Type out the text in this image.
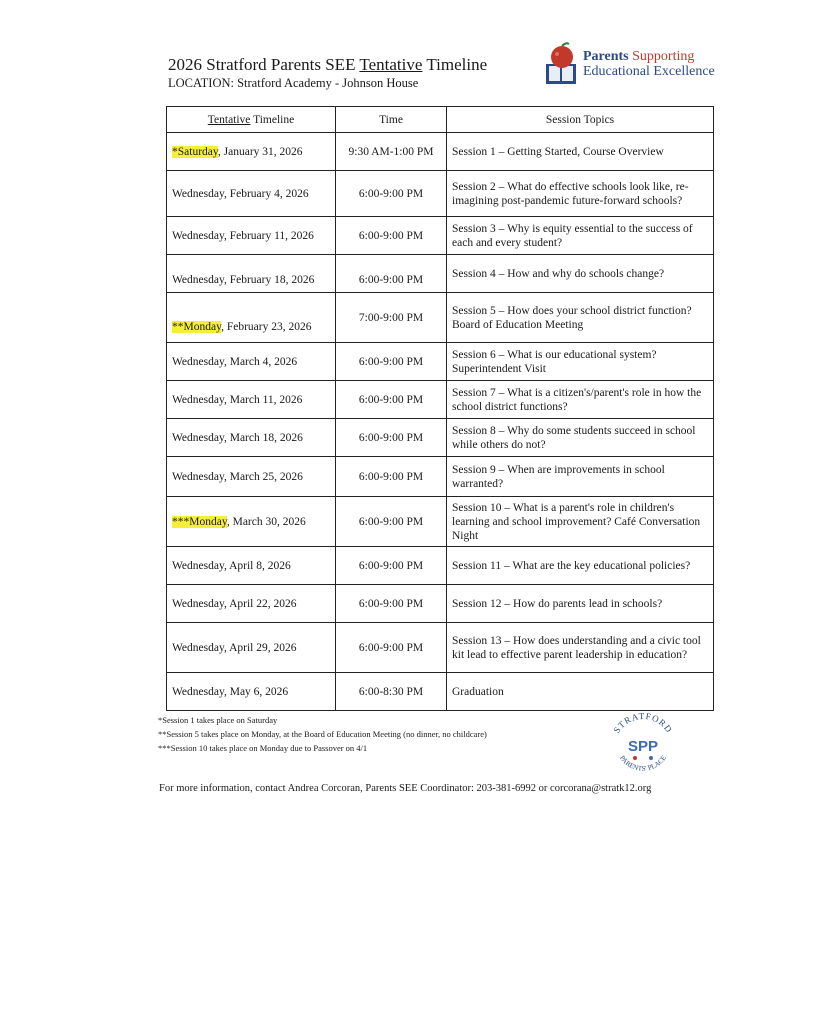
2026 Stratford Parents SEE Tentative Timeline
LOCATION: Stratford Academy - Johnson House
Parents Supporting
Educational Excellence
Tentative Timeline	Time	Session Topics
*Saturday, January 31, 2026	9:30 AM-1:00 PM	Session 1 – Getting Started, Course Overview
Wednesday, February 4, 2026	6:00-9:00 PM	Session 2 – What do effective schools look like, re-imagining post-pandemic future-forward schools?
Wednesday, February 11, 2026	6:00-9:00 PM	Session 3 – Why is equity essential to the success of each and every student?
Wednesday, February 18, 2026	6:00-9:00 PM	Session 4 – How and why do schools change?
**Monday, February 23, 2026	7:00-9:00 PM	Session 5 – How does your school district function?
Board of Education Meeting

Wednesday, March 4, 2026	6:00-9:00 PM	Session 6 – What is our educational system?
Superintendent Visit

Wednesday, March 11, 2026	6:00-9:00 PM	Session 7 – What is a citizen's/parent's role in how the school district functions?
Wednesday, March 18, 2026	6:00-9:00 PM	Session 8 – Why do some students succeed in school while others do not?
Wednesday, March 25, 2026	6:00-9:00 PM	Session 9 – When are improvements in school warranted?
***Monday, March 30, 2026	6:00-9:00 PM	Session 10 – What is a parent's role in children's learning and school improvement? Café Conversation Night
Wednesday, April 8, 2026	6:00-9:00 PM	Session 11 – What are the key educational policies?
Wednesday, April 22, 2026	6:00-9:00 PM	Session 12 – How do parents lead in schools?
Wednesday, April 29, 2026	6:00-9:00 PM	Session 13 – How does understanding and a civic tool kit lead to effective parent leadership in education?
Wednesday, May 6, 2026	6:00-8:30 PM	Graduation
*Session 1 takes place on Saturday
**Session 5 takes place on Monday, at the Board of Education Meeting (no dinner, no childcare)
***Session 10 takes place on Monday due to Passover on 4/1
STRATFORD
PARENTS' PLACE
SPP
For more information, contact Andrea Corcoran, Parents SEE Coordinator: 203-381-6992 or corcorana@stratk12.org
